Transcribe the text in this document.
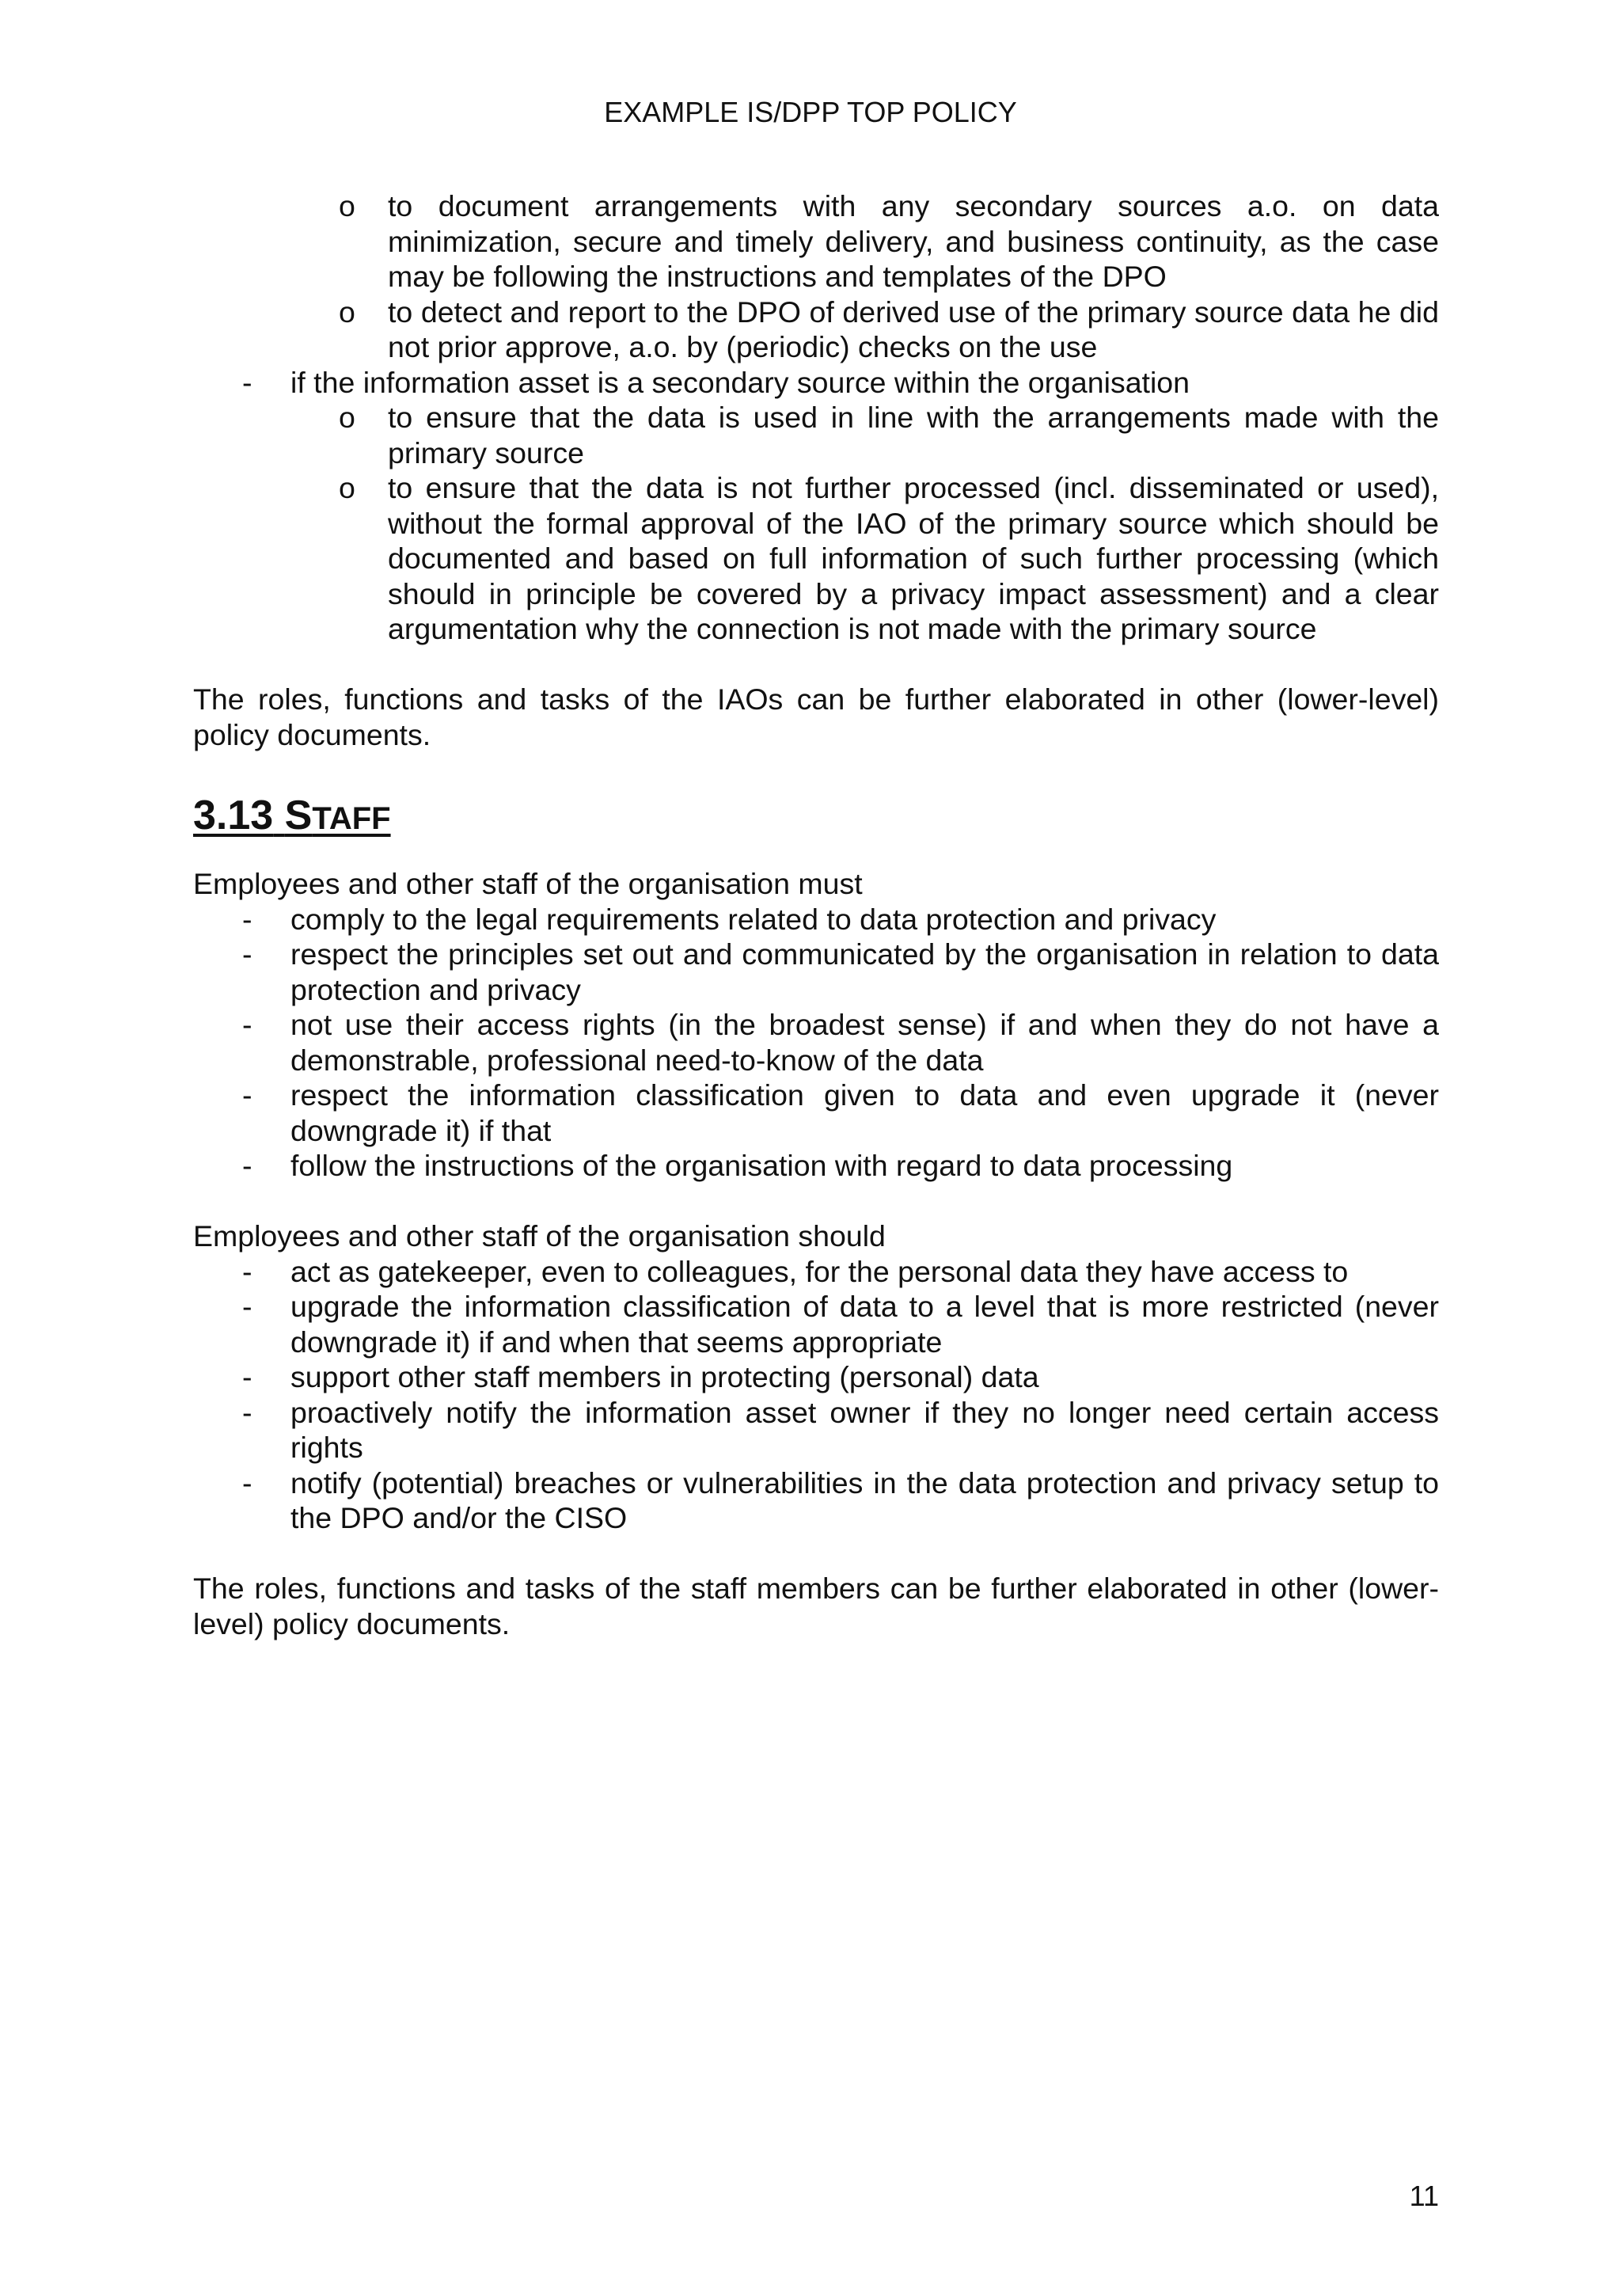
EXAMPLE IS/DPP TOP POLICY
o	to document arrangements with any secondary sources a.o. on data minimization, secure and timely delivery, and business continuity, as the case may be following the instructions and templates of the DPO
o	to detect and report to the DPO of derived use of the primary source data he did not prior approve, a.o. by (periodic) checks on the use
-	if the information asset is a secondary source within the organisation
o	to ensure that the data is used in line with the arrangements made with the primary source
o	to ensure that the data is not further processed (incl. disseminated or used), without the formal approval of the IAO of the primary source which should be documented and based on full information of such further processing (which should in principle be covered by a privacy impact assessment) and a clear argumentation why the connection is not made with the primary source

The roles, functions and tasks of the IAOs can be further elaborated in other (lower-level) policy documents.

3.13 STAFF

Employees and other staff of the organisation must

-	comply to the legal requirements related to data protection and privacy
-	respect the principles set out and communicated by the organisation in relation to data protection and privacy
-	not use their access rights (in the broadest sense) if and when they do not have a demonstrable, professional need-to-know of the data
-	respect the information classification given to data and even upgrade it (never downgrade it) if that
-	follow the instructions of the organisation with regard to data processing

Employees and other staff of the organisation should

-	act as gatekeeper, even to colleagues, for the personal data they have access to
-	upgrade the information classification of data to a level that is more restricted (never downgrade it) if and when that seems appropriate
-	support other staff members in protecting (personal) data
-	proactively notify the information asset owner if they no longer need certain access rights
-	notify (potential) breaches or vulnerabilities in the data protection and privacy setup to the DPO and/or the CISO

The roles, functions and tasks of the staff members can be further elaborated in other (lower-level) policy documents.

11
